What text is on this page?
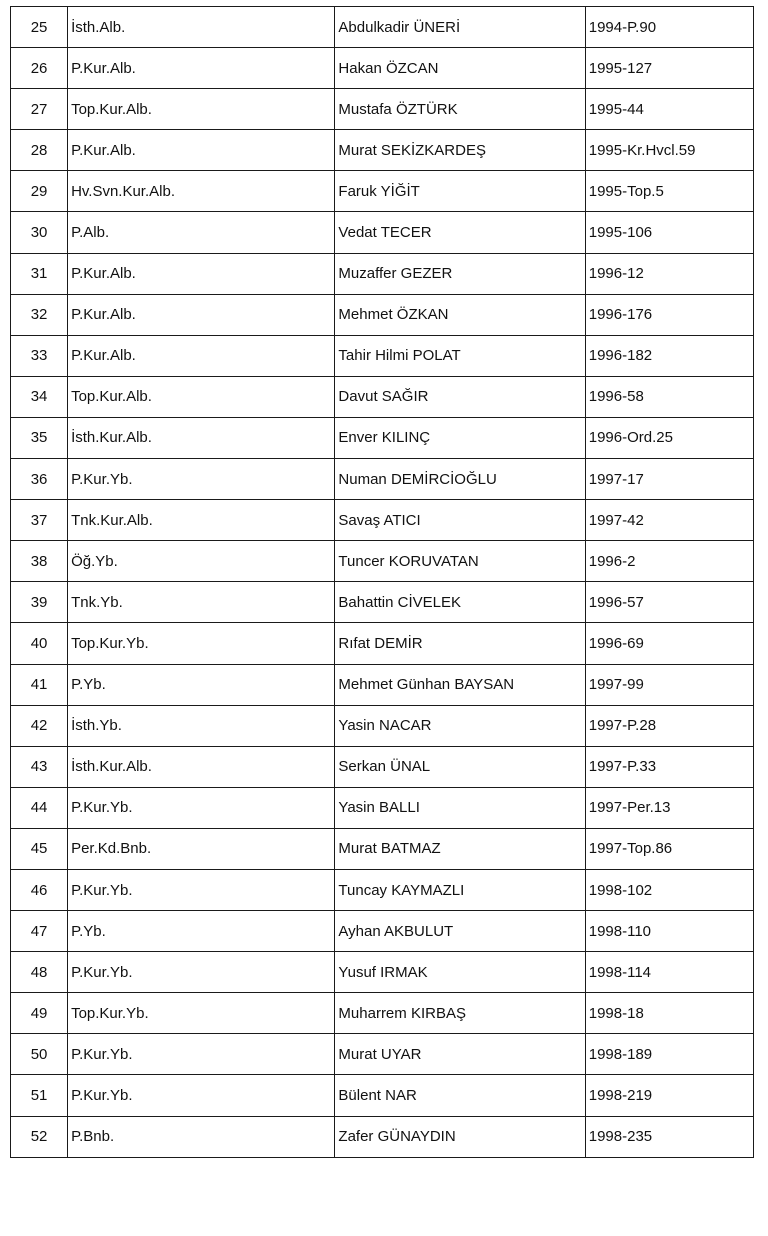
25	İsth.Alb.	Abdulkadir ÜNERİ	1994-P.90
26	P.Kur.Alb.	Hakan ÖZCAN	1995-127
27	Top.Kur.Alb.	Mustafa ÖZTÜRK	1995-44
28	P.Kur.Alb.	Murat SEKİZKARDEŞ	1995-Kr.Hvcl.59
29	Hv.Svn.Kur.Alb.	Faruk YİĞİT	1995-Top.5
30	P.Alb.	Vedat TECER	1995-106
31	P.Kur.Alb.	Muzaffer GEZER	1996-12
32	P.Kur.Alb.	Mehmet ÖZKAN	1996-176
33	P.Kur.Alb.	Tahir Hilmi POLAT	1996-182
34	Top.Kur.Alb.	Davut SAĞIR	1996-58
35	İsth.Kur.Alb.	Enver KILINÇ	1996-Ord.25
36	P.Kur.Yb.	Numan DEMİRCİOĞLU	1997-17
37	Tnk.Kur.Alb.	Savaş ATICI	1997-42
38	Öğ.Yb.	Tuncer KORUVATAN	1996-2
39	Tnk.Yb.	Bahattin CİVELEK	1996-57
40	Top.Kur.Yb.	Rıfat DEMİR	1996-69
41	P.Yb.	Mehmet Günhan BAYSAN	1997-99
42	İsth.Yb.	Yasin NACAR	1997-P.28
43	İsth.Kur.Alb.	Serkan ÜNAL	1997-P.33
44	P.Kur.Yb.	Yasin BALLI	1997-Per.13
45	Per.Kd.Bnb.	Murat BATMAZ	1997-Top.86
46	P.Kur.Yb.	Tuncay KAYMAZLI	1998-102
47	P.Yb.	Ayhan AKBULUT	1998-110
48	P.Kur.Yb.	Yusuf IRMAK	1998-114
49	Top.Kur.Yb.	Muharrem KIRBAŞ	1998-18
50	P.Kur.Yb.	Murat UYAR	1998-189
51	P.Kur.Yb.	Bülent NAR	1998-219
52	P.Bnb.	Zafer GÜNAYDIN	1998-235
